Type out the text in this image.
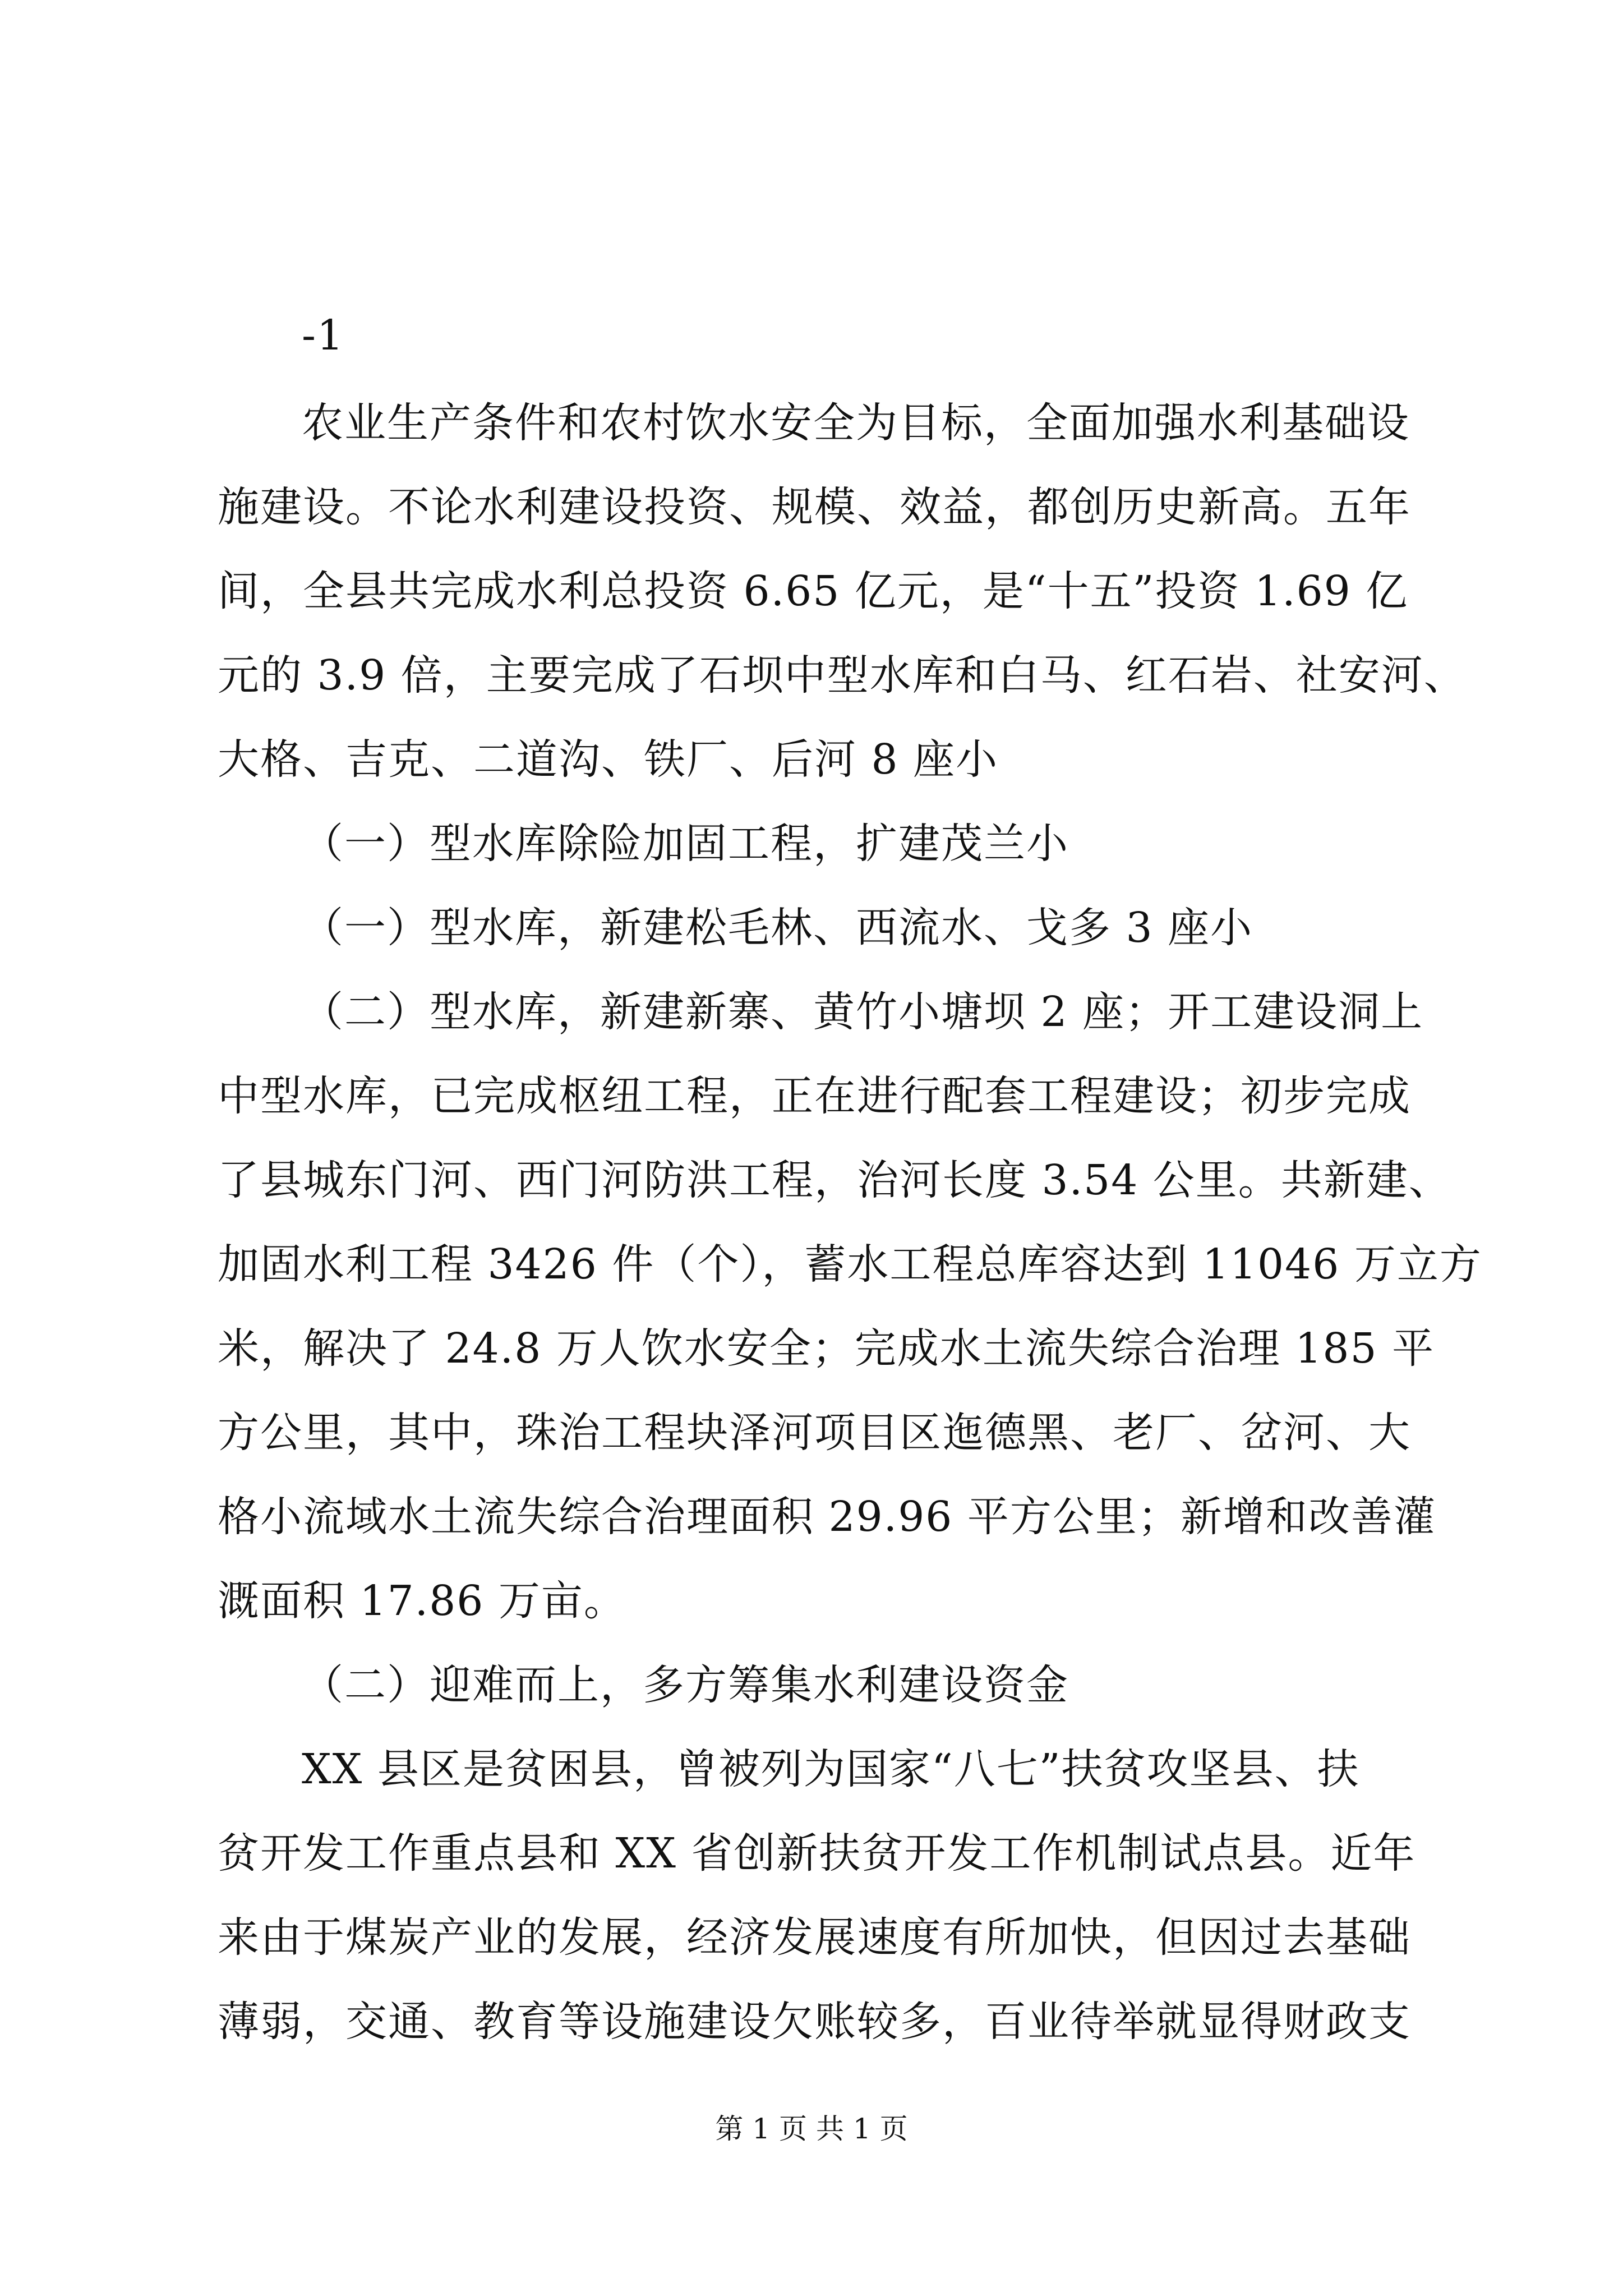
-1
农业生产条件和农村饮水安全为目标，全面加强水利基础设
施建设。不论水利建设投资、规模、效益，都创历史新高。五年
间，全县共完成水利总投资 6.65 亿元，是“十五”投资 1.69 亿
元的 3.9 倍，主要完成了石坝中型水库和白马、红石岩、社安河、
大格、吉克、二道沟、铁厂、后河 8 座小
（一）型水库除险加固工程，扩建茂兰小
（一）型水库，新建松毛林、西流水、戈多 3 座小
（二）型水库，新建新寨、黄竹小塘坝 2 座；开工建设洞上
中型水库，已完成枢纽工程，正在进行配套工程建设；初步完成
了县城东门河、西门河防洪工程，治河长度 3.54 公里。共新建、
加固水利工程 3426 件（个），蓄水工程总库容达到 11046 万立方
米，解决了 24.8 万人饮水安全；完成水土流失综合治理 185 平
方公里，其中，珠治工程块泽河项目区迤德黑、老厂、岔河、大
格小流域水土流失综合治理面积 29.96 平方公里；新增和改善灌
溉面积 17.86 万亩。
（二）迎难而上，多方筹集水利建设资金
XX 县区是贫困县，曾被列为国家“八七”扶贫攻坚县、扶
贫开发工作重点县和 XX 省创新扶贫开发工作机制试点县。近年
来由于煤炭产业的发展，经济发展速度有所加快，但因过去基础
薄弱，交通、教育等设施建设欠账较多，百业待举就显得财政支
第 1 页 共 1 页
